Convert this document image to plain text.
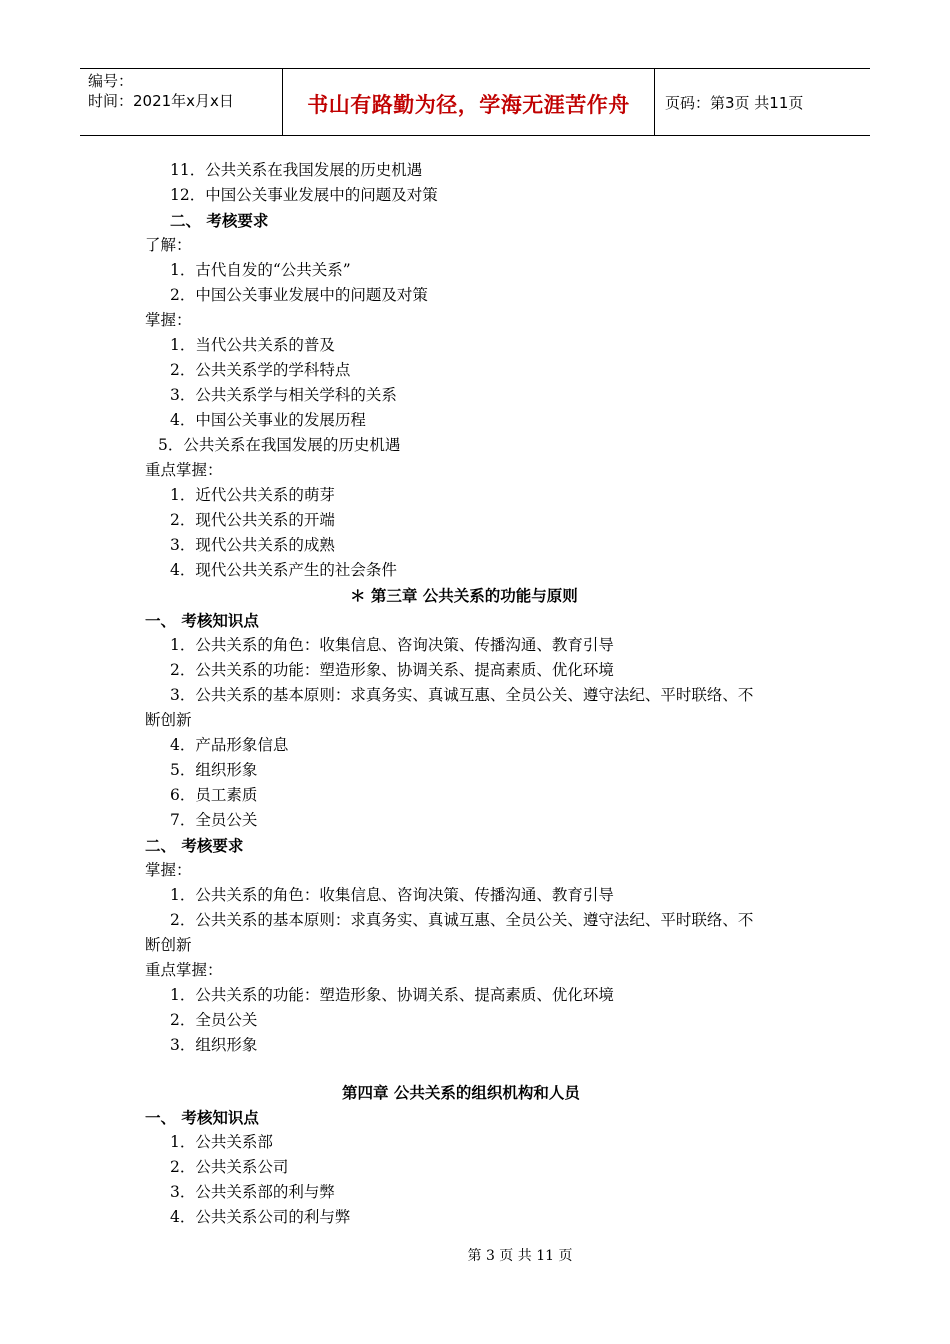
编号：
时间：2021年x月x日	书山有路勤为径，学海无涯苦作舟	页码：第3页 共11页
11．公共关系在我国发展的历史机遇
12．中国公关事业发展中的问题及对策
二、 考核要求
了解：
1．古代自发的“公共关系”
2．中国公关事业发展中的问题及对策
掌握：
1．当代公共关系的普及
2．公共关系学的学科特点
3．公共关系学与相关学科的关系
4．中国公关事业的发展历程
5．公共关系在我国发展的历史机遇
重点掌握：
1．近代公共关系的萌芽
2．现代公共关系的开端
3．现代公共关系的成熟
4．现代公共关系产生的社会条件
＊ 第三章 公共关系的功能与原则
一、 考核知识点
1．公共关系的角色：收集信息、咨询决策、传播沟通、教育引导
2．公共关系的功能：塑造形象、协调关系、提高素质、优化环境
3．公共关系的基本原则：求真务实、真诚互惠、全员公关、遵守法纪、平时联络、不
断创新
4．产品形象信息
5．组织形象
6．员工素质
7．全员公关
二、 考核要求
掌握：
1．公共关系的角色：收集信息、咨询决策、传播沟通、教育引导
2．公共关系的基本原则：求真务实、真诚互惠、全员公关、遵守法纪、平时联络、不
断创新
重点掌握：
1．公共关系的功能：塑造形象、协调关系、提高素质、优化环境
2．全员公关
3．组织形象
第四章 公共关系的组织机构和人员
一、 考核知识点
1．公共关系部
2．公共关系公司
3．公共关系部的利与弊
4．公共关系公司的利与弊
第 3 页 共 11 页
